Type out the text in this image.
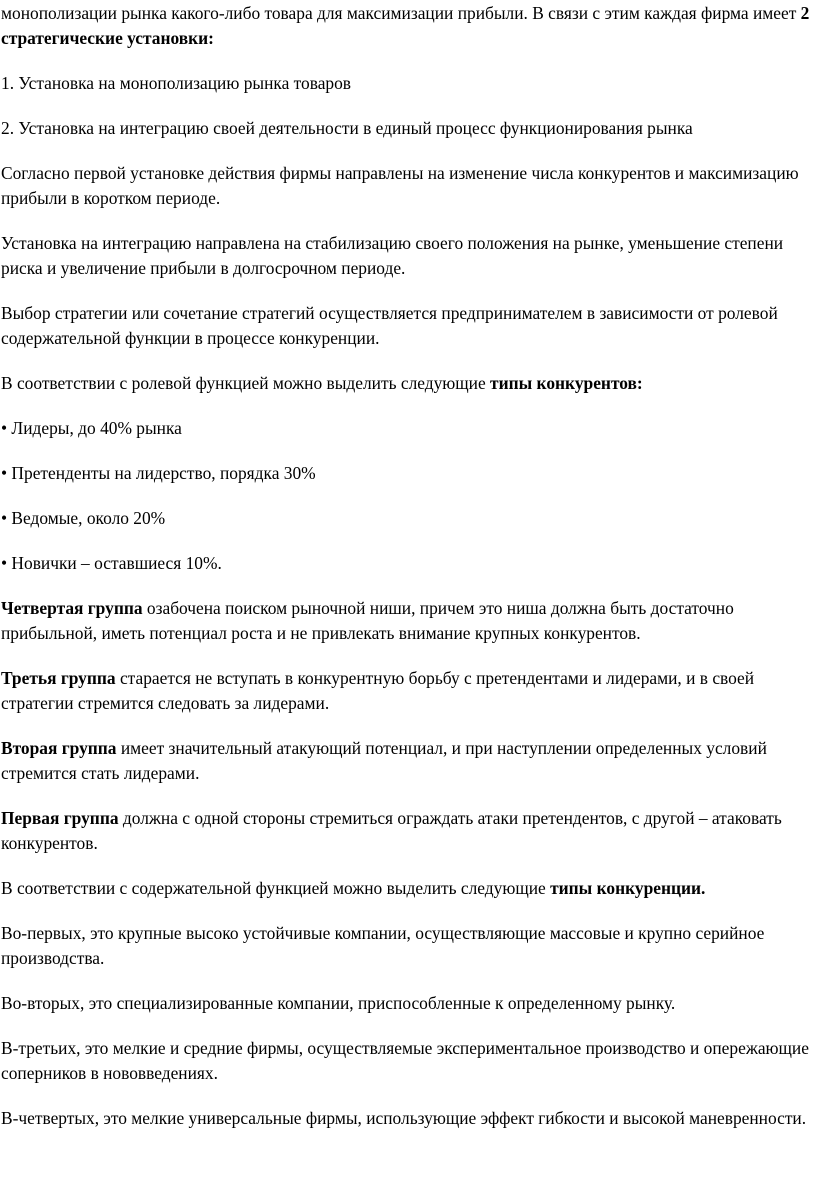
монополизации рынка какого-либо товара для максимизации прибыли. В связи с этим каждая фирма имеет 2 стратегические установки:

1. Установка на монополизацию рынка товаров

2. Установка на интеграцию своей деятельности в единый процесс функционирования рынка

Согласно первой установке действия фирмы направлены на изменение числа конкурентов и максимизацию прибыли в коротком периоде.

Установка на интеграцию направлена на стабилизацию своего положения на рынке, уменьшение степени риска и увеличение прибыли в долгосрочном периоде.

Выбор стратегии или сочетание стратегий осуществляется предпринимателем в зависимости от ролевой содержательной функции в процессе конкуренции.

В соответствии с ролевой функцией можно выделить следующие типы конкурентов:

• Лидеры, до 40% рынка

• Претенденты на лидерство, порядка 30%

• Ведомые, около 20%

• Новички – оставшиеся 10%.

Четвертая группа озабочена поиском рыночной ниши, причем это ниша должна быть достаточно прибыльной, иметь потенциал роста и не привлекать внимание крупных конкурентов.

Третья группа старается не вступать в конкурентную борьбу с претендентами и лидерами, и в своей стратегии стремится следовать за лидерами.

Вторая группа имеет значительный атакующий потенциал, и при наступлении определенных условий стремится стать лидерами.

Первая группа должна с одной стороны стремиться ограждать атаки претендентов, с другой – атаковать конкурентов.

В соответствии с содержательной функцией можно выделить следующие типы конкуренции.

Во-первых, это крупные высоко устойчивые компании, осуществляющие массовые и крупно серийное производства.

Во-вторых, это специализированные компании, приспособленные к определенному рынку.

В-третьих, это мелкие и средние фирмы, осуществляемые экспериментальное производство и опережающие соперников в нововведениях.

В-четвертых, это мелкие универсальные фирмы, использующие эффект гибкости и высокой маневренности.
